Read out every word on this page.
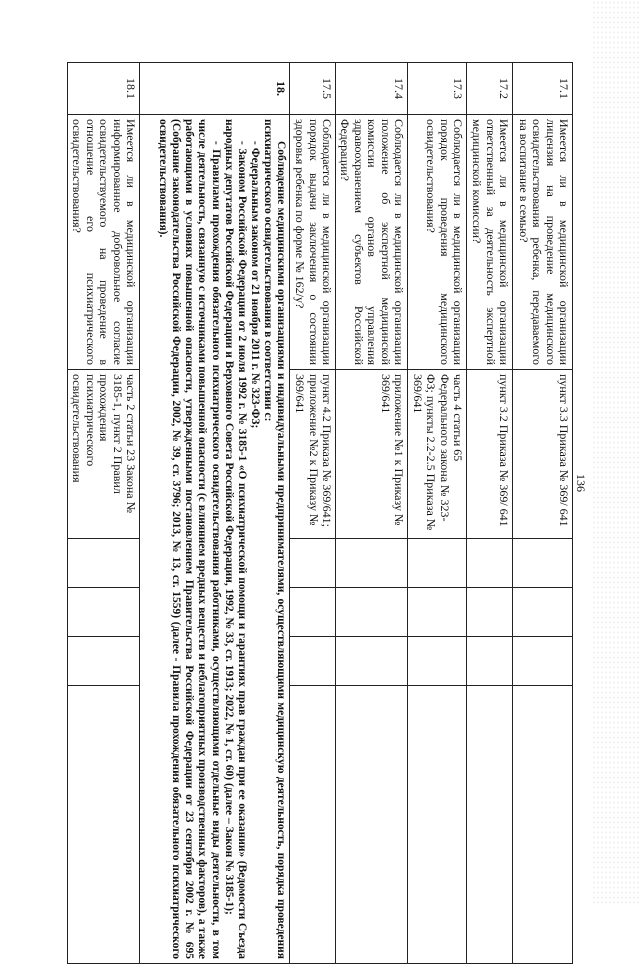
136
17.1	Имеется ли в медицинской организации лицензия на проведение медицинского освидетельствования ребенка, передаваемого на воспитание в семью?	пункт 3.3 Приказа № 369/ 641				
17.2	Имеется ли в медицинской организации ответственный за деятельность экспертной медицинской комиссии?	пункт 3.2 Приказа № 369/ 641				
17.3	Соблюдается ли в медицинской организации порядок проведения медицинского освидетельствования?	часть 4 статьи 65 Федерального закона № 323-ФЗ; пункты 2.2-2.5 Приказа № 369/641				
17.4	Соблюдается ли в медицинской организации положение об экспертной медицинской комиссии органов управления здравоохранением субъектов Российской Федерации?	приложение №1 к Приказу № 369/641				
17.5	Соблюдается ли в медицинской организации порядок выдачи заключения о состоянии здоровья ребенка по форме № 162/у?	пункт 4.2 Приказа № 369/641; приложение №2 к Приказу № 369/641				
18.	Соблюдение медицинскими организациями и индивидуальными предпринимателями, осуществляющими медицинскую деятельность, порядка проведения психиатрического освидетельствования в соответствии с:

- Федеральным законом от 21 ноября 2011 г. № 323-ФЗ;

- Законом Российской Федерации от 2 июля 1992 г. № 3185-1 «О психиатрической помощи и гарантиях прав граждан при ее оказании» (Ведомости Съезда народных депутатов Российской Федерации и Верховного Совета Российской Федерации, 1992, № 33, ст. 1913; 2022, № 1, ст. 60) (далее – Закон № 3185-1);

- Правилами прохождения обязательного психиатрического освидетельствования работниками, осуществляющими отдельные виды деятельности, в том числе деятельность, связанную с источниками повышенной опасности (с влиянием вредных веществ и неблагоприятных производственных факторов), а также работающими в условиях повышенной опасности, утвержденными постановлением Правительства Российской Федерации от 23 сентября 2002 г. № 695 (Собрание законодательства Российской Федерации, 2002, № 39, ст. 3796; 2013, № 13, ст. 1559) (далее - Правила прохождения обязательного психиатрического освидетельствования).					

18.1	Имеется ли в медицинской организации информированное добровольное согласие освидетельствуемого на проведение в отношение его психиатрического освидетельствования?	часть 2 статьи 23 Закона № 3185-1, пункт 2 Правил прохождения психиатрического освидетельствования				
